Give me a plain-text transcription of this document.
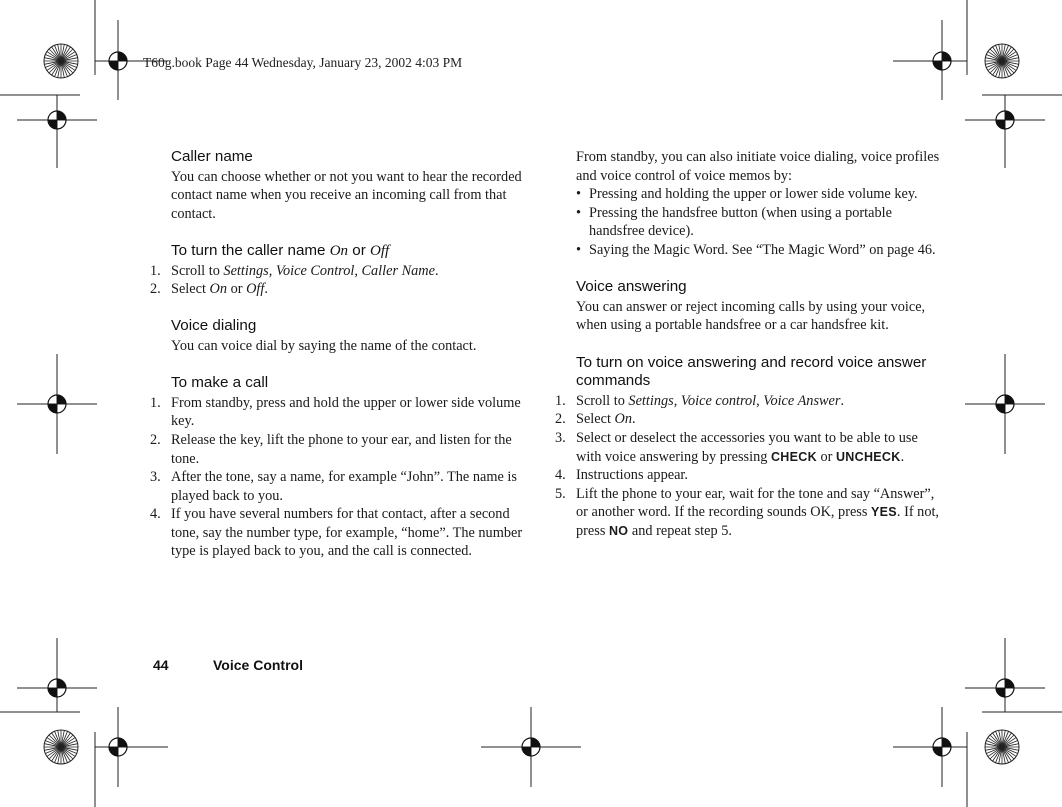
T60g.book Page 44 Wednesday, January 23, 2002 4:03 PM
Caller name
You can choose whether or not you want to hear the recorded contact name when you receive an incoming call from that contact.
To turn the caller name On or Off
1. Scroll to Settings, Voice Control, Caller Name.
2. Select On or Off.
Voice dialing
You can voice dial by saying the name of the contact.
To make a call
1. From standby, press and hold the upper or lower side volume key.
2. Release the key, lift the phone to your ear, and listen for the tone.
3. After the tone, say a name, for example “John”. The name is played back to you.
4. If you have several numbers for that contact, after a second tone, say the number type, for example, “home”. The number type is played back to you, and the call is connected.
From standby, you can also initiate voice dialing, voice profiles and voice control of voice memos by:
• Pressing and holding the upper or lower side volume key.
• Pressing the handsfree button (when using a portable handsfree device).
• Saying the Magic Word. See “The Magic Word” on page 46.
Voice answering
You can answer or reject incoming calls by using your voice, when using a portable handsfree or a car handsfree kit.
To turn on voice answering and record voice answer commands
1. Scroll to Settings, Voice control, Voice Answer.
2. Select On.
3. Select or deselect the accessories you want to be able to use with voice answering by pressing CHECK or UNCHECK.
4. Instructions appear.
5. Lift the phone to your ear, wait for the tone and say “Answer”, or another word. If the recording sounds OK, press YES. If not, press NO and repeat step 5.
44	Voice Control
